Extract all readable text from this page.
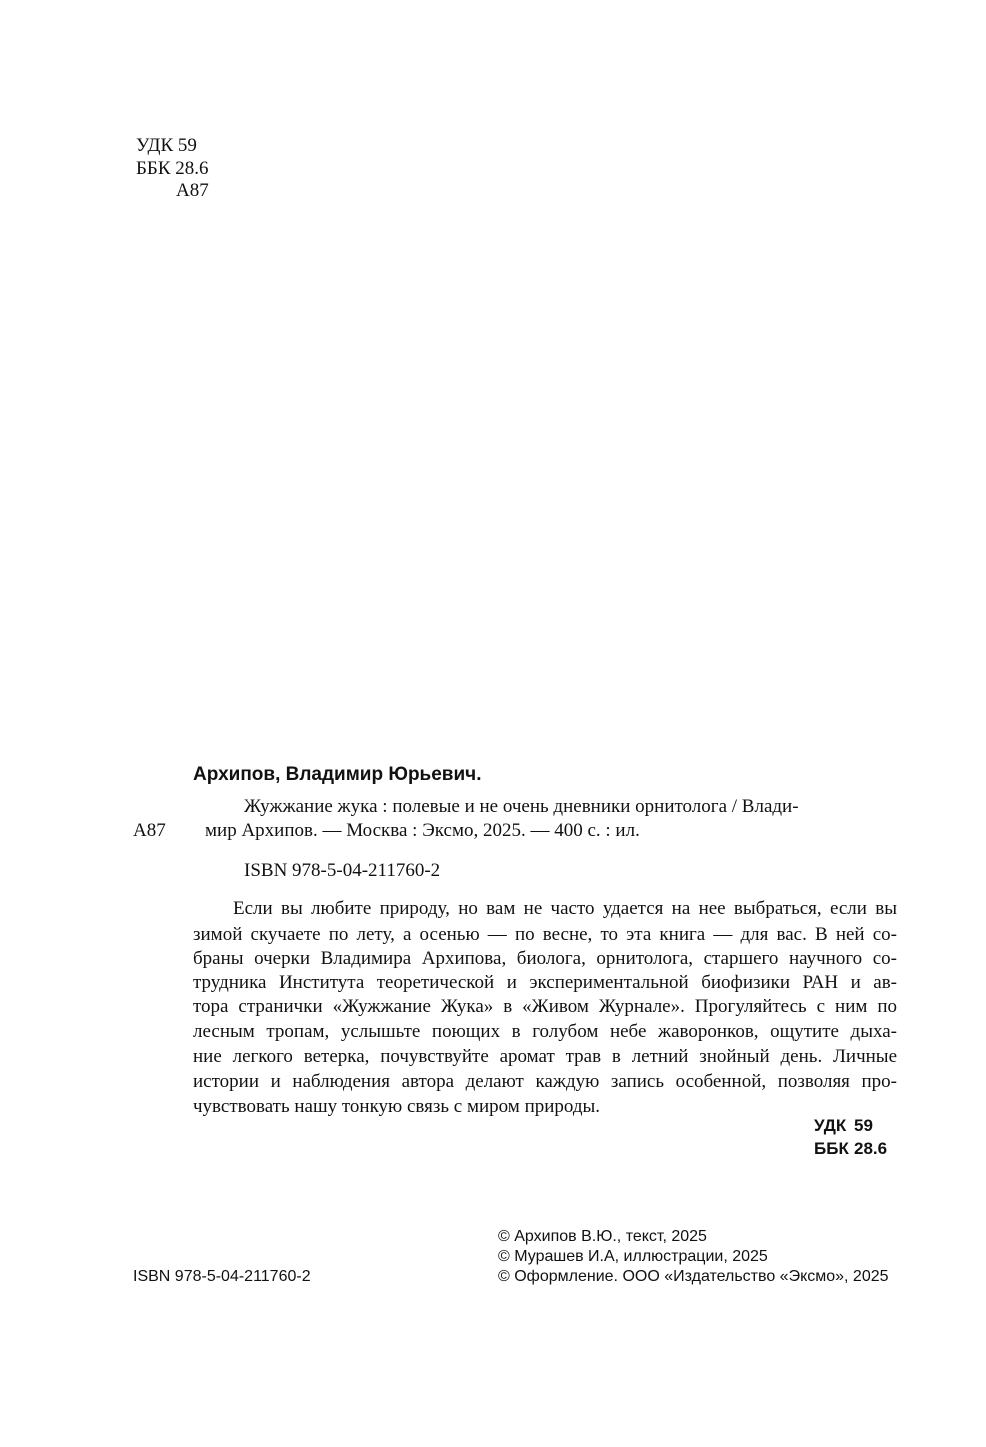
УДК 59
ББК 28.6
А87
Архипов, Владимир Юрьевич.
Жужжание жука : полевые и не очень дневники орнитолога / Влади-
А87 мир Архипов. — Москва : Эксмо, 2025. — 400 с. : ил.
ISBN 978-5-04-211760-2
Если вы любите природу, но вам не часто удается на нее выбраться, если вы
зимой скучаете по лету, а осенью — по весне, то эта книга — для вас. В ней со-
браны очерки Владимира Архипова, биолога, орнитолога, старшего научного со-
трудника Института теоретической и экспериментальной биофизики РАН и ав-
тора странички «Жужжание Жука» в «Живом Журнале». Прогуляйтесь с ним по
лесным тропам, услышьте поющих в голубом небе жаворонков, ощутите дыха-
ние легкого ветерка, почувствуйте аромат трав в летний знойный день. Личные
истории и наблюдения автора делают каждую запись особенной, позволяя про-
чувствовать нашу тонкую связь с миром природы.
УДК 59
ББК 28.6
ISBN 978-5-04-211760-2
© Архипов В.Ю., текст, 2025
© Мурашев И.А, иллюстрации, 2025
© Оформление. ООО «Издательство «Эксмо», 2025
